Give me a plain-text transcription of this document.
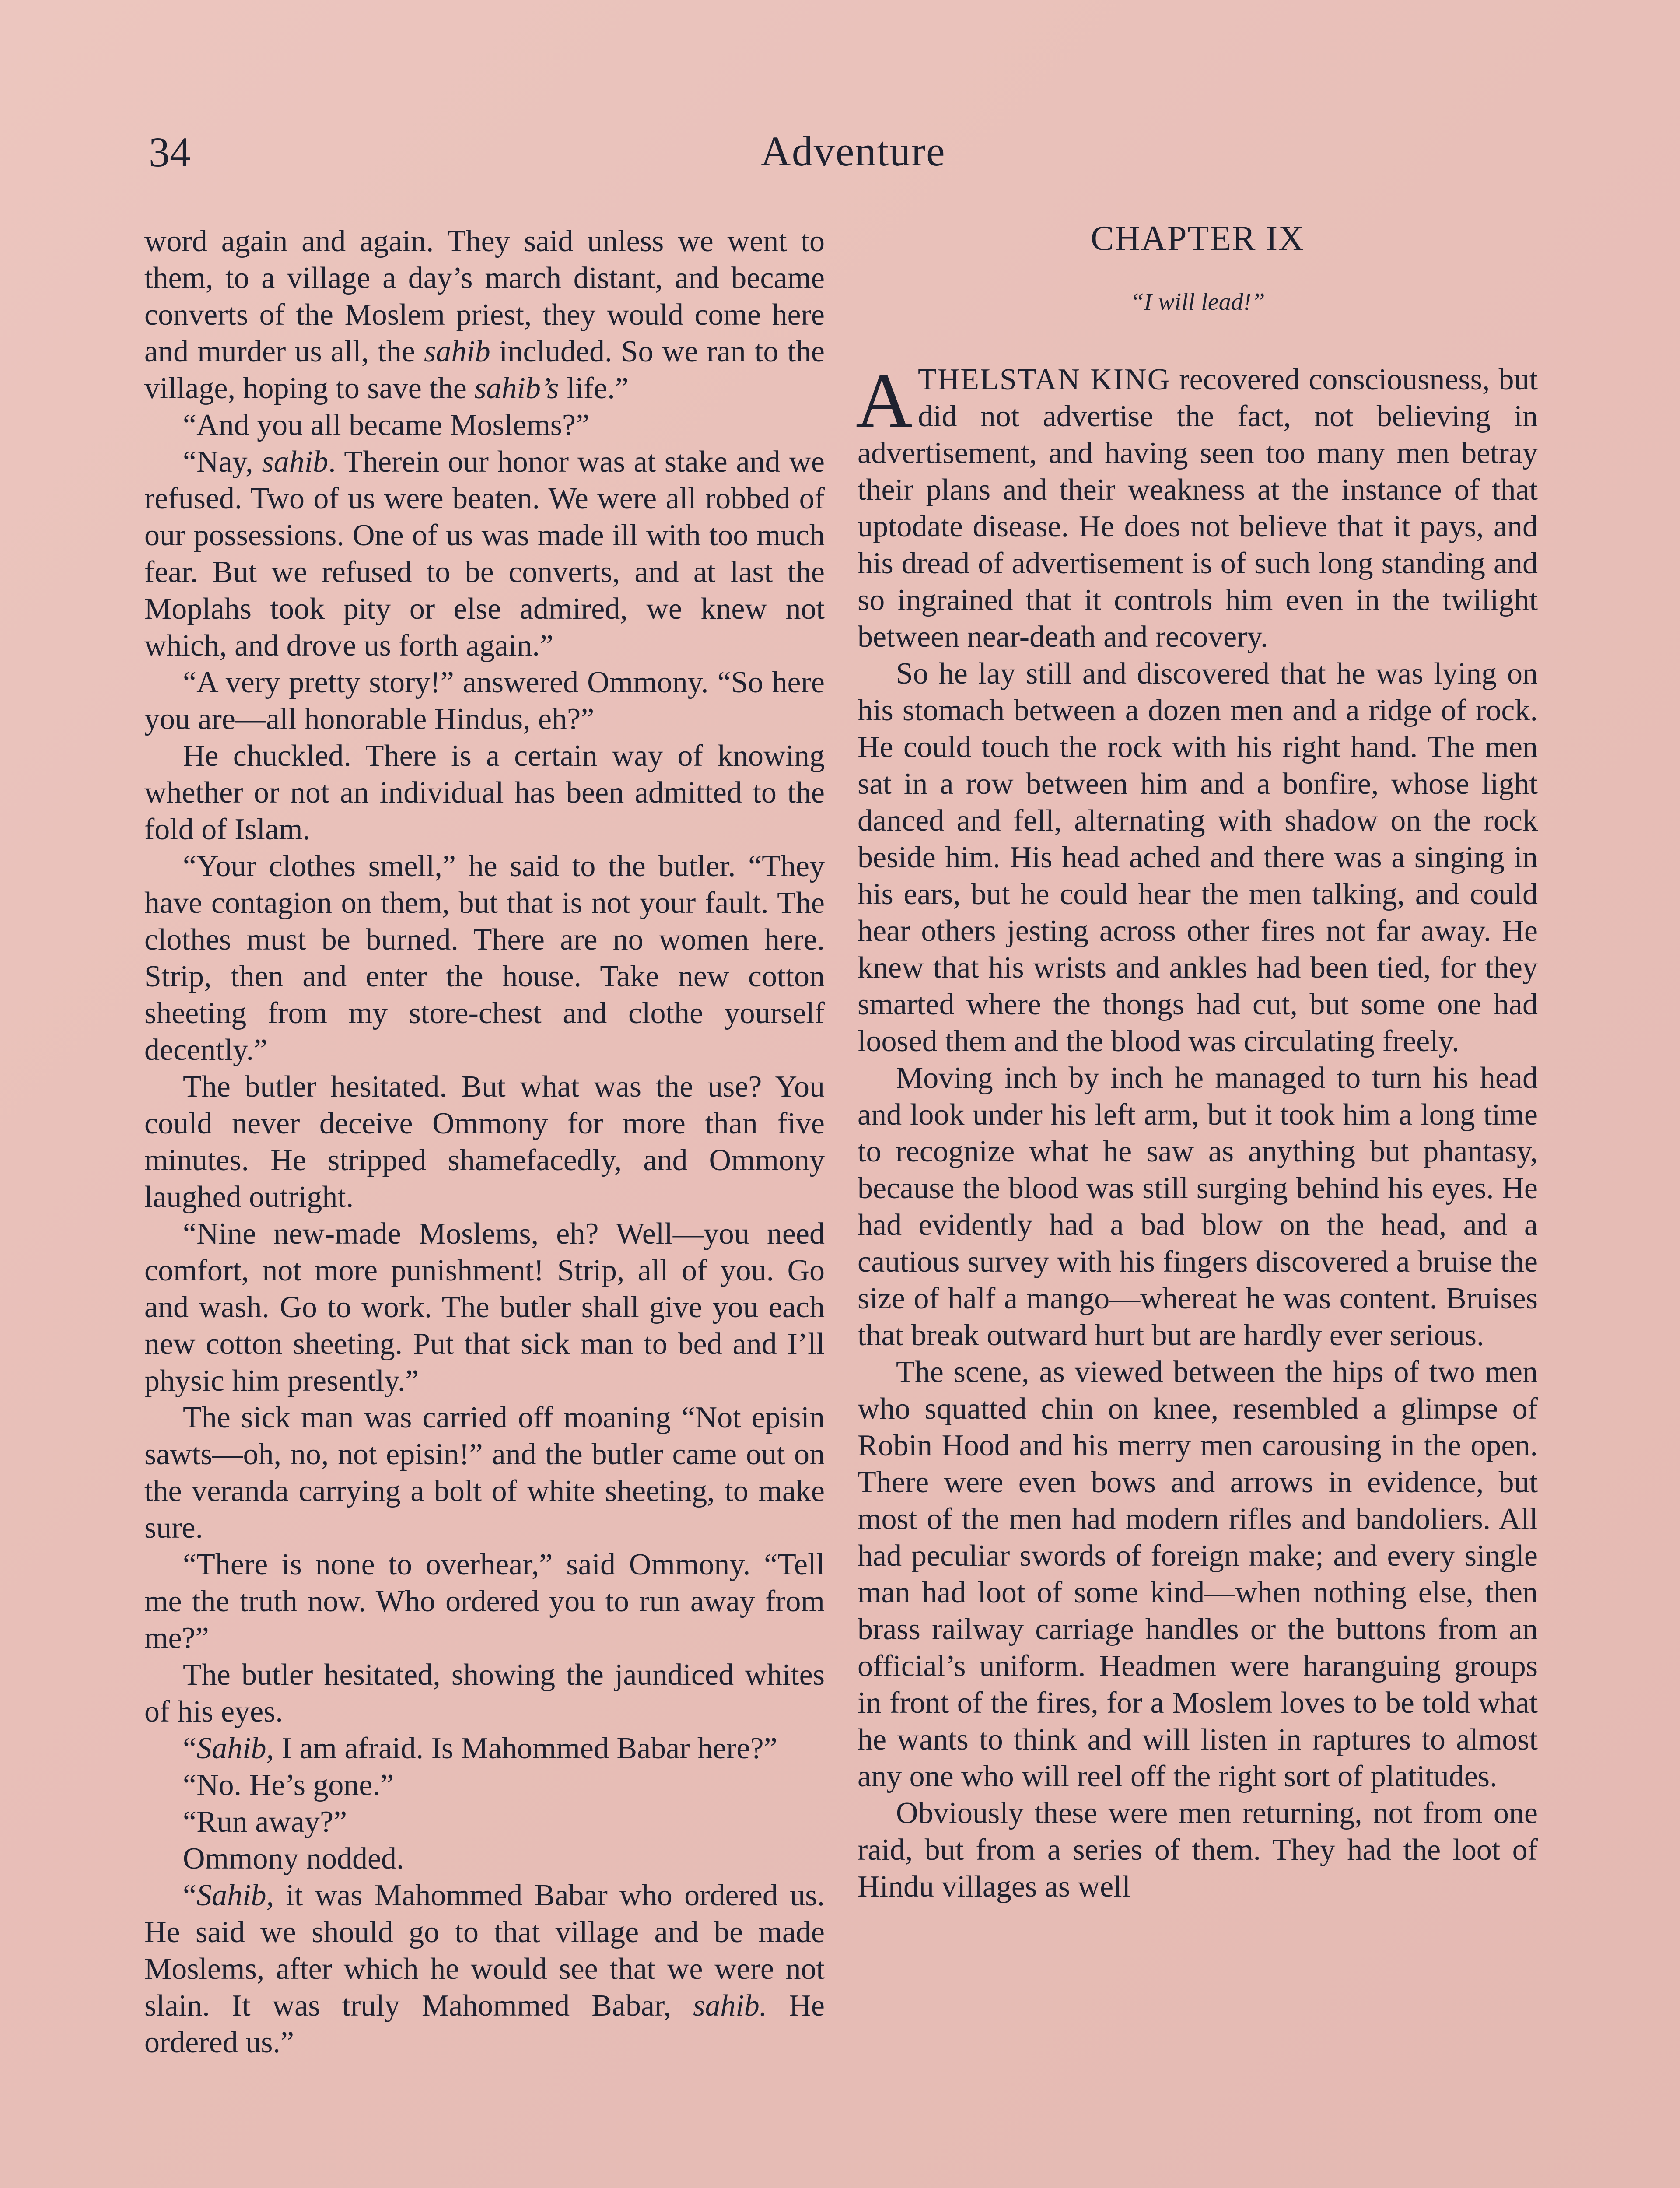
34	Adventure

word again and again. They said unless we went to them, to a village a day’s march distant, and became converts of the Moslem priest, they would come here and murder us all, the sahib included. So we ran to the village, hoping to save the sahib’s life.”

“And you all became Moslems?”

“Nay, sahib. Therein our honor was at stake and we refused. Two of us were beaten. We were all robbed of our possessions. One of us was made ill with too much fear. But we refused to be converts, and at last the Moplahs took pity or else admired, we knew not which, and drove us forth again.”

“A very pretty story!” answered Ommony. “So here you are—all honorable Hindus, eh?”

He chuckled. There is a certain way of knowing whether or not an individual has been admitted to the fold of Islam.

“Your clothes smell,” he said to the butler. “They have contagion on them, but that is not your fault. The clothes must be burned. There are no women here. Strip, then and enter the house. Take new cotton sheeting from my store-chest and clothe yourself decently.”

The butler hesitated. But what was the use? You could never deceive Ommony for more than five minutes. He stripped shamefacedly, and Ommony laughed outright.

“Nine new-made Moslems, eh? Well—you need comfort, not more punishment! Strip, all of you. Go and wash. Go to work. The butler shall give you each new cotton sheeting. Put that sick man to bed and I’ll physic him presently.”

The sick man was carried off moaning “Not episin sawts—oh, no, not episin!” and the butler came out on the veranda carrying a bolt of white sheeting, to make sure.

“There is none to overhear,” said Ommony. “Tell me the truth now. Who ordered you to run away from me?”

The butler hesitated, showing the jaundiced whites of his eyes.

“Sahib, I am afraid. Is Mahommed Babar here?”

“No. He’s gone.”

“Run away?”

Ommony nodded.

“Sahib, it was Mahommed Babar who ordered us. He said we should go to that village and be made Moslems, after which he would see that we were not slain. It was truly Mahommed Babar, sahib. He ordered us.”

CHAPTER IX
“I will lead!”

ATHELSTAN KING recovered consciousness, but did not advertise the fact, not believing in advertisement, and having seen too many men betray their plans and their weakness at the instance of that uptodate disease. He does not believe that it pays, and his dread of advertisement is of such long standing and so ingrained that it controls him even in the twilight between near-death and recovery.

So he lay still and discovered that he was lying on his stomach between a dozen men and a ridge of rock. He could touch the rock with his right hand. The men sat in a row between him and a bonfire, whose light danced and fell, alternating with shadow on the rock beside him. His head ached and there was a singing in his ears, but he could hear the men talking, and could hear others jesting across other fires not far away. He knew that his wrists and ankles had been tied, for they smarted where the thongs had cut, but some one had loosed them and the blood was circulating freely.

Moving inch by inch he managed to turn his head and look under his left arm, but it took him a long time to recognize what he saw as anything but phantasy, because the blood was still surging behind his eyes. He had evidently had a bad blow on the head, and a cautious survey with his fingers discovered a bruise the size of half a mango—whereat he was content. Bruises that break outward hurt but are hardly ever serious.

The scene, as viewed between the hips of two men who squatted chin on knee, resembled a glimpse of Robin Hood and his merry men carousing in the open. There were even bows and arrows in evidence, but most of the men had modern rifles and bandoliers. All had peculiar swords of foreign make; and every single man had loot of some kind—when nothing else, then brass railway carriage handles or the buttons from an official’s uniform. Headmen were haranguing groups in front of the fires, for a Moslem loves to be told what he wants to think and will listen in raptures to almost any one who will reel off the right sort of platitudes.

Obviously these were men returning, not from one raid, but from a series of them. They had the loot of Hindu villages as well
